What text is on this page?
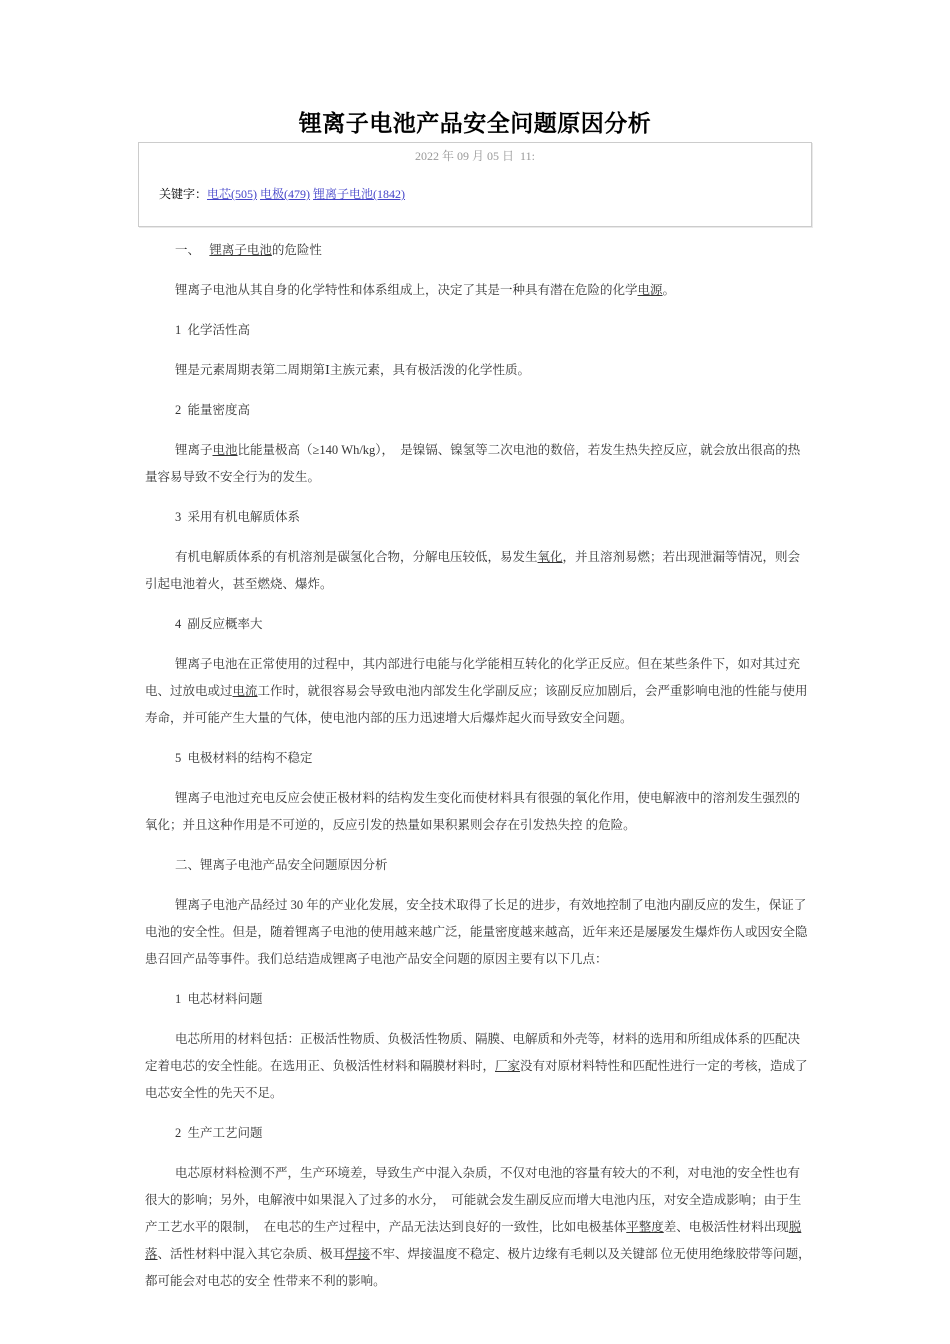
锂离子电池产品安全问题原因分析
2022 年 09 月 05 日  11:

关键字：电芯(505) 电极(479) 锂离子电池(1842)

一、　 锂离子电池的危险性

锂离子电池从其自身的化学特性和体系组成上，决定了其是一种具有潜在危险的化学电源。

1  化学活性高

锂是元素周期表第二周期第Ⅰ主族元素，具有极活泼的化学性质。

2  能量密度高

锂离子电池比能量极高（≥140 Wh/kg），  是镍镉、镍氢等二次电池的数倍，若发生热失控反应，就会放出很高的热量容易导致不安全行为的发生。

3  采用有机电解质体系

有机电解质体系的有机溶剂是碳氢化合物，分解电压较低，易发生氧化，并且溶剂易燃；若出现泄漏等情况，则会引起电池着火，甚至燃烧、爆炸。

4  副反应概率大

锂离子电池在正常使用的过程中，其内部进行电能与化学能相互转化的化学正反应。但在某些条件下，如对其过充电、过放电或过电流工作时，就很容易会导致电池内部发生化学副反应；该副反应加剧后，会严重影响电池的性能与使用寿命，并可能产生大量的气体，使电池内部的压力迅速增大后爆炸起火而导致安全问题。

5  电极材料的结构不稳定

锂离子电池过充电反应会使正极材料的结构发生变化而使材料具有很强的氧化作用，使电解液中的溶剂发生强烈的氧化；并且这种作用是不可逆的，反应引发的热量如果积累则会存在引发热失控 的危险。

二、锂离子电池产品安全问题原因分析

锂离子电池产品经过 30 年的产业化发展，安全技术取得了长足的进步，有效地控制了电池内副反应的发生，保证了电池的安全性。但是，随着锂离子电池的使用越来越广泛，能量密度越来越高，近年来还是屡屡发生爆炸伤人或因安全隐患召回产品等事件。我们总结造成锂离子电池产品安全问题的原因主要有以下几点：

1  电芯材料问题

电芯所用的材料包括：正极活性物质、负极活性物质、隔膜、电解质和外壳等，材料的选用和所组成体系的匹配决定着电芯的安全性能。在选用正、负极活性材料和隔膜材料时，厂家没有对原材料特性和匹配性进行一定的考核，造成了电芯安全性的先天不足。

2  生产工艺问题

电芯原材料检测不严，生产环境差，导致生产中混入杂质，不仅对电池的容量有较大的不利，对电池的安全性也有很大的影响；另外，电解液中如果混入了过多的水分，  可能就会发生副反应而增大电池内压，对安全造成影响；由于生产工艺水平的限制，  在电芯的生产过程中，产品无法达到良好的一致性，比如电极基体平整度差、电极活性材料出现脱落、活性材料中混入其它杂质、极耳焊接不牢、焊接温度不稳定、极片边缘有毛刺以及关键部 位无使用绝缘胶带等问题，都可能会对电芯的安全 性带来不利的影响。
